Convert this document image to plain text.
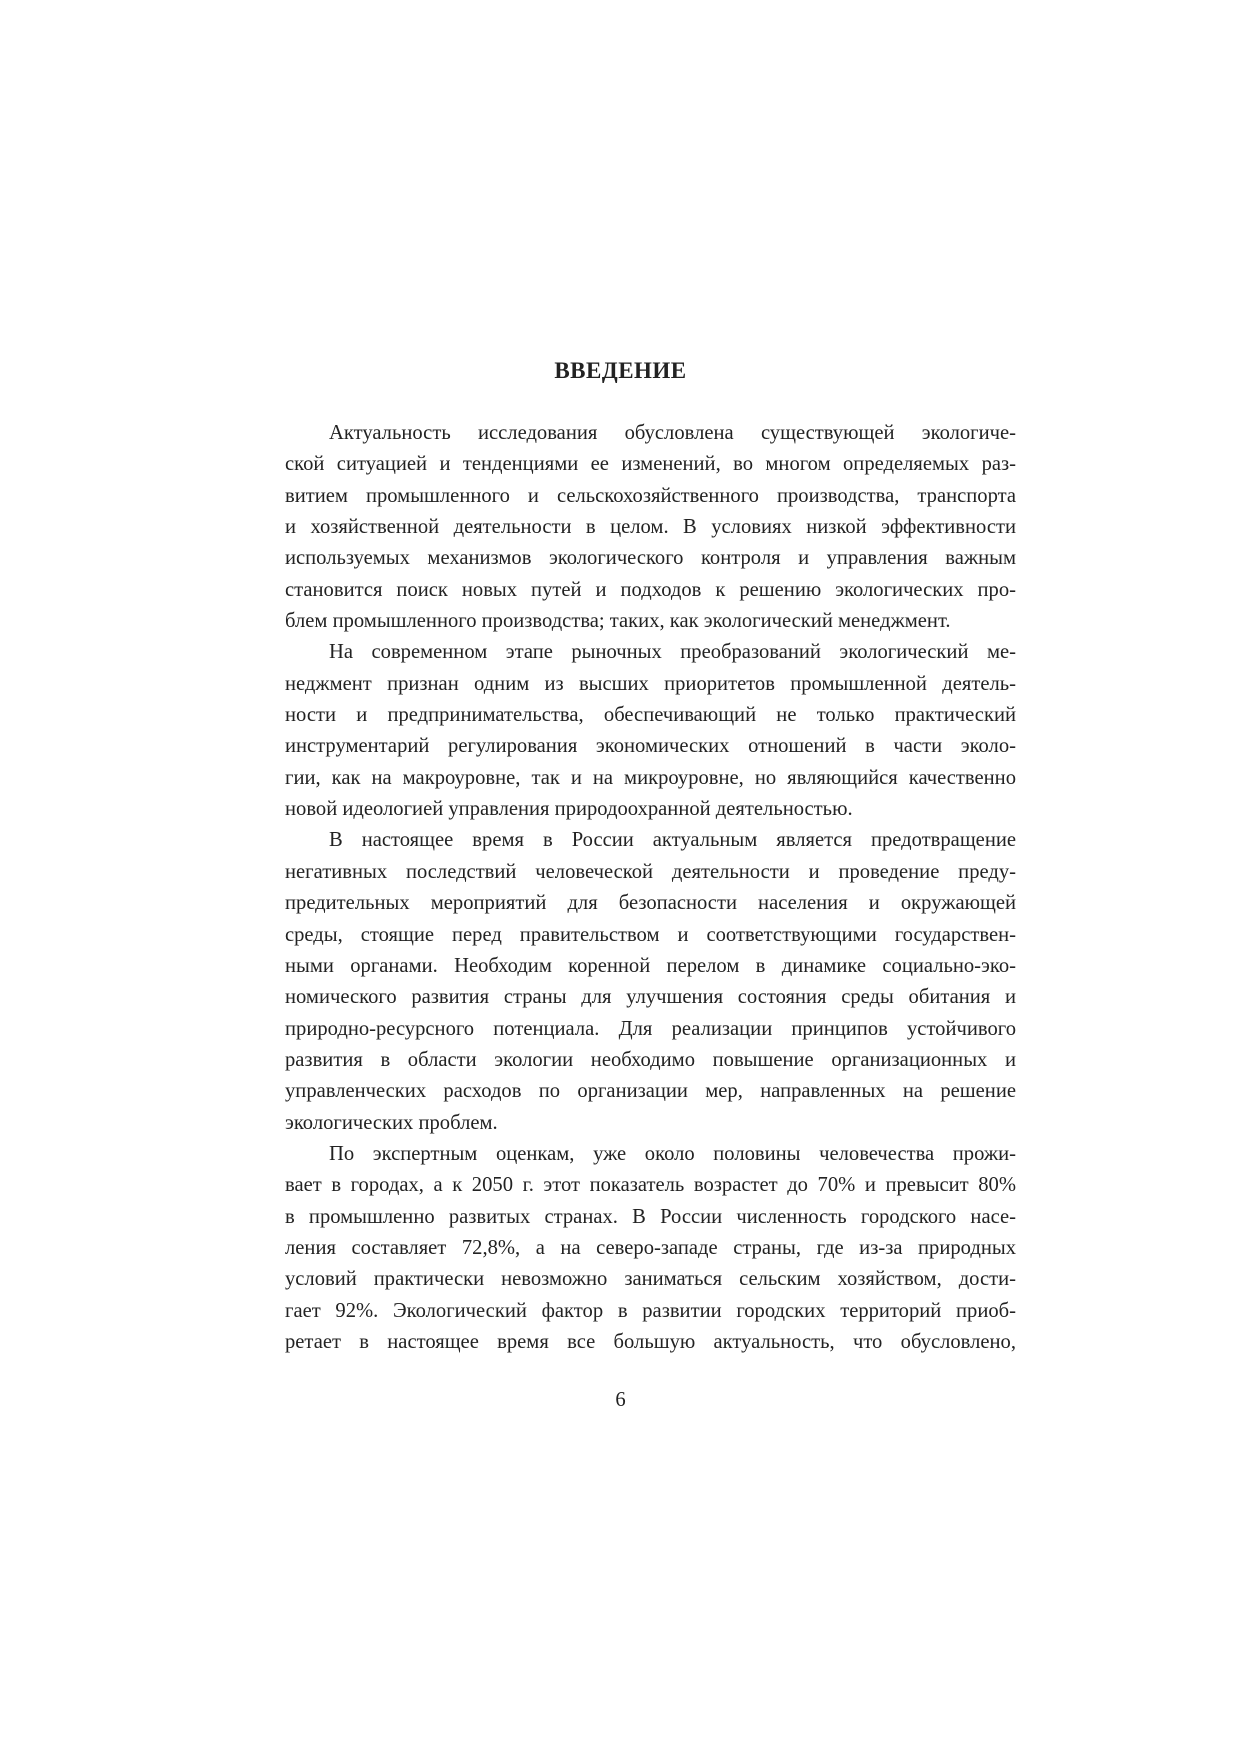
ВВЕДЕНИЕ
Актуальность исследования обусловлена существующей экологиче-
ской ситуацией и тенденциями ее изменений, во многом определяемых раз-
витием промышленного и сельскохозяйственного производства, транспорта
и хозяйственной деятельности в целом. В условиях низкой эффективности
используемых механизмов экологического контроля и управления важным
становится поиск новых путей и подходов к решению экологических про-
блем промышленного производства; таких, как экологический менеджмент.
На современном этапе рыночных преобразований экологический ме-
неджмент признан одним из высших приоритетов промышленной деятель-
ности и предпринимательства, обеспечивающий не только практический
инструментарий регулирования экономических отношений в части эколо-
гии, как на макроуровне, так и на микроуровне, но являющийся качественно
новой идеологией управления природоохранной деятельностью.
В настоящее время в России актуальным является предотвращение
негативных последствий человеческой деятельности и проведение преду-
предительных мероприятий для безопасности населения и окружающей
среды, стоящие перед правительством и соответствующими государствен-
ными органами. Необходим коренной перелом в динамике социально-эко-
номического развития страны для улучшения состояния среды обитания и
природно-ресурсного потенциала. Для реализации принципов устойчивого
развития в области экологии необходимо повышение организационных и
управленческих расходов по организации мер, направленных на решение
экологических проблем.
По экспертным оценкам, уже около половины человечества прожи-
вает в городах, а к 2050 г. этот показатель возрастет до 70% и превысит 80%
в промышленно развитых странах. В России численность городского насе-
ления составляет 72,8%, а на северо-западе страны, где из-за природных
условий практически невозможно заниматься сельским хозяйством, дости-
гает 92%. Экологический фактор в развитии городских территорий приоб-
ретает в настоящее время все большую актуальность, что обусловлено,
6
